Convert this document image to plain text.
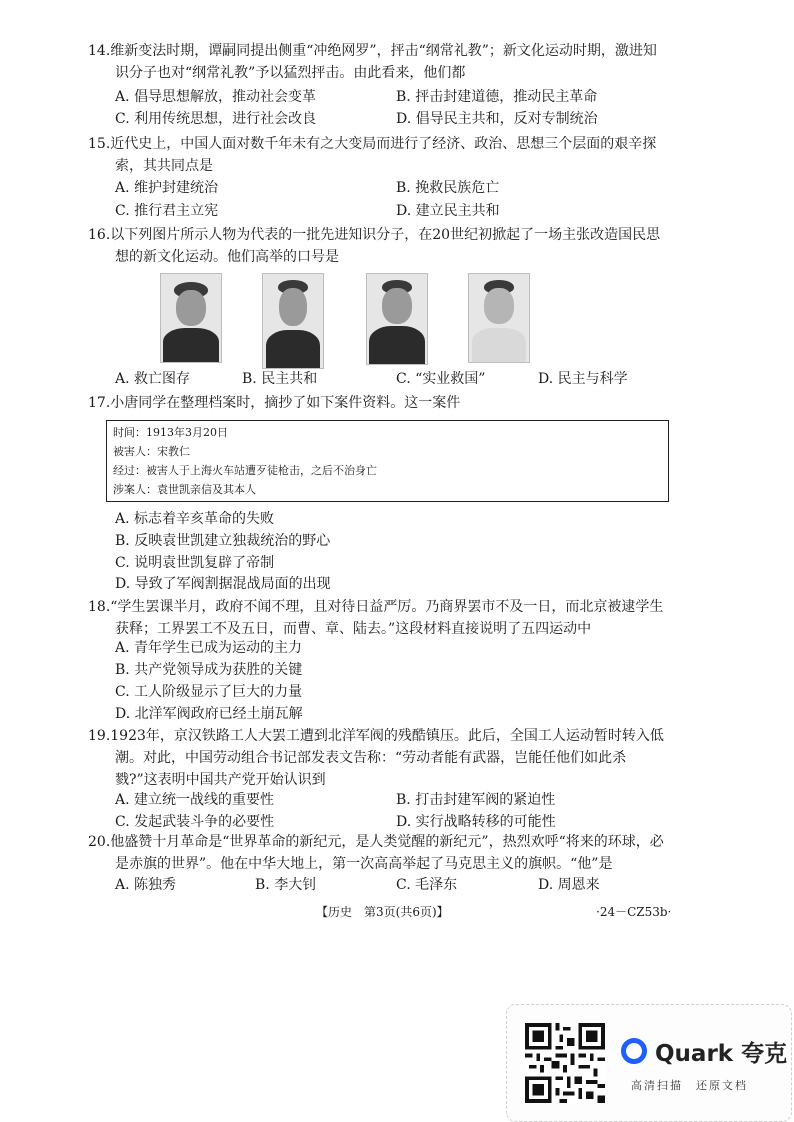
14.维新变法时期，谭嗣同提出侧重“冲绝网罗”，抨击“纲常礼教”；新文化运动时期，激进知识分子也对“纲常礼教”予以猛烈抨击。由此看来，他们都
A. 倡导思想解放，推动社会变革	B. 抨击封建道德，推动民主革命
C. 利用传统思想，进行社会改良	D. 倡导民主共和，反对专制统治
15.近代史上，中国人面对数千年未有之大变局而进行了经济、政治、思想三个层面的艰辛探索，其共同点是
A. 维护封建统治	B. 挽救民族危亡
C. 推行君主立宪	D. 建立民主共和
16.以下列图片所示人物为代表的一批先进知识分子，在20世纪初掀起了一场主张改造国民思想的新文化运动。他们高举的口号是
A. 救亡图存	B. 民主共和	C. “实业救国”	D. 民主与科学
17.小唐同学在整理档案时，摘抄了如下案件资料。这一案件
时间：1913年3月20日
被害人：宋教仁
经过：被害人于上海火车站遭歹徒枪击，之后不治身亡
涉案人：袁世凯亲信及其本人
A. 标志着辛亥革命的失败
B. 反映袁世凯建立独裁统治的野心
C. 说明袁世凯复辟了帝制
D. 导致了军阀割据混战局面的出现
18.“学生罢课半月，政府不闻不理，且对待日益严厉。乃商界罢市不及一日，而北京被逮学生获释；工界罢工不及五日，而曹、章、陆去。”这段材料直接说明了五四运动中
A. 青年学生已成为运动的主力
B. 共产党领导成为获胜的关键
C. 工人阶级显示了巨大的力量
D. 北洋军阀政府已经土崩瓦解
19.1923年，京汉铁路工人大罢工遭到北洋军阀的残酷镇压。此后，全国工人运动暂时转入低潮。对此，中国劳动组合书记部发表文告称：“劳动者能有武器，岂能任他们如此杀戮?”这表明中国共产党开始认识到
A. 建立统一战线的重要性	B. 打击封建军阀的紧迫性
C. 发起武装斗争的必要性	D. 实行战略转移的可能性
20.他盛赞十月革命是“世界革命的新纪元，是人类觉醒的新纪元”，热烈欢呼“将来的环球，必是赤旗的世界”。他在中华大地上，第一次高高举起了马克思主义的旗帜。“他”是
A. 陈独秀	B. 李大钊	C. 毛泽东	D. 周恩来
【历史　第3页(共6页)】	·24－CZ53b·
Quark 夸克
高清扫描　还原文档
